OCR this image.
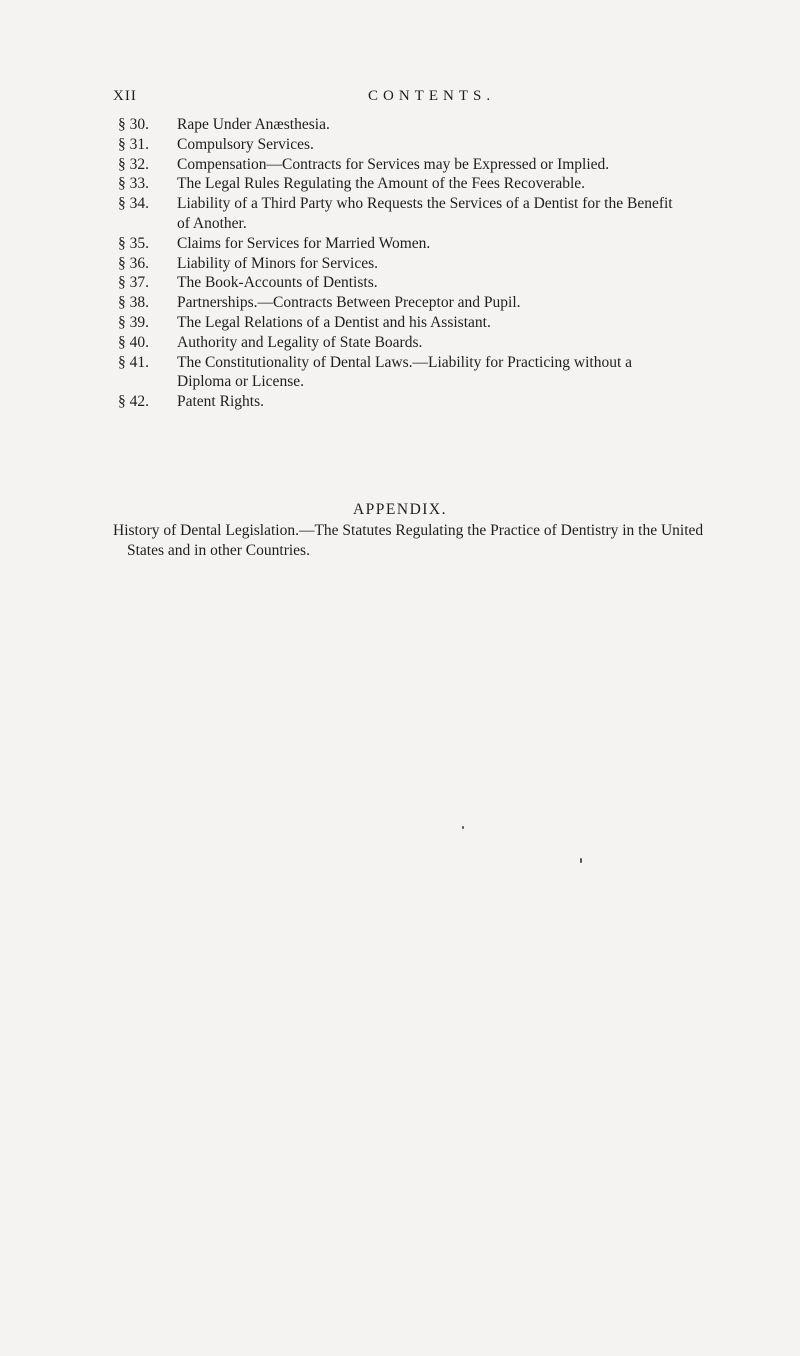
XII	CONTENTS.
§ 30. Rape Under Anæsthesia.
§ 31. Compulsory Services.
§ 32. Compensation—Contracts for Services may be Expressed or Implied.
§ 33. The Legal Rules Regulating the Amount of the Fees Recoverable.
§ 34. Liability of a Third Party who Requests the Services of a Dentist for the Benefit of Another.
§ 35. Claims for Services for Married Women.
§ 36. Liability of Minors for Services.
§ 37. The Book-Accounts of Dentists.
§ 38. Partnerships.—Contracts Between Preceptor and Pupil.
§ 39. The Legal Relations of a Dentist and his Assistant.
§ 40. Authority and Legality of State Boards.
§ 41. The Constitutionality of Dental Laws.—Liability for Practicing without a Diploma or License.
§ 42. Patent Rights.
APPENDIX.
History of Dental Legislation.—The Statutes Regulating the Practice of Dentistry in the United States and in other Countries.
